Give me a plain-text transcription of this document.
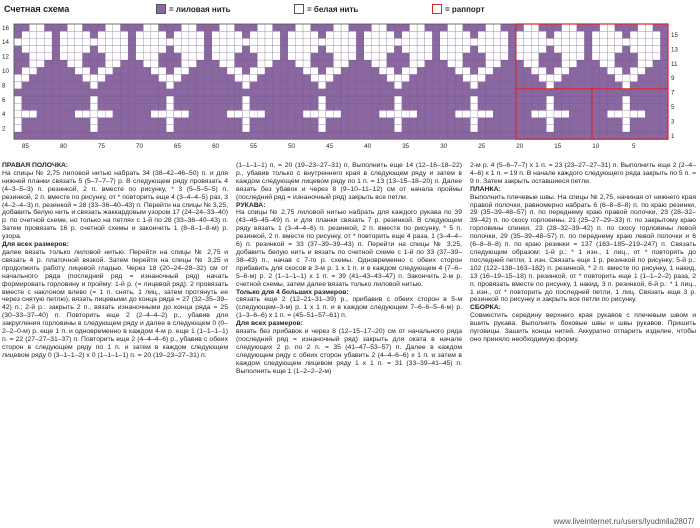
Счетная схема	= лиловая нить	= белая нить	= раппорт
16
14
12
10
8
6
4
2
15
13
11
9
7
5
3
1
85	80	75	70	65	60	55	50	45	40	35	30	25	20	15	10	5
ПРАВАЯ ПОЛОЧКА:
На спицы № 2,75 лиловой нитью набрать 34 (38–42–46–50) п. и для нижней планки связать 5 (5–7–7–7) р. В следующем ряду провязать 4 (4–3–5–3) п. резинкой, 2 п. вместе по рисунку, * 3 (5–5–5–5) п. резинкой, 2 п. вместе по рисунку, от * повторить еще 4 (3–4–4–5) раз, 3 (4–2–4–3) п. резинкой = 28 (33–36–40–43) п. Перейти на спицы № 3,25, добавить белую нить и связать жаккардовым узором 17 (24–24–33–40) р. по счетной схеме, но только на петлях с 1-й по 28 (33–36–40–43) п. Затем провязать 16 р. счетной схемы и закончить 1 (8–8–1–8-м) р. узора.
Для всех размеров:
далее вязать только лиловой нитью. Перейти на спицы № 2,75 и связать 4 р. платочной вязкой. Затем перейти на спицы № 3,25 и продолжить работу лицевой гладью. Через 18 (20–24–28–32) см от начального ряда (последний ряд = изнаночный ряд) начать формировать горловину и пройму: 1-й р. (= лицевой ряд): 2 провязать вместе с наклоном влево (= 1 п. снять, 1 лиц., затем протянуть ее через снятую петлю), вязать лицевыми до конца ряда = 27 (32–35–39–42) п.; 2-й р.: закрыть 2 п., вязать изнаночными до конца ряда = 25 (30–33–37–40) п. Повторить еще 2 (2–4–4–2) р., убавив для закругления горловины в следующем ряду и далее в следующем 0 (0–2–2–0-м) р. еще 1 п. и одновременно в каждом 4-м р. еще 1 (1–1–1–1) п. = 22 (27–27–31–37) п. Повторить еще 2 (4–4–4–6) р., убавив с обеих сторон в следующем ряду по 1 п. и затем в каждом следующем лицевом ряду 0 (3–1–1–2) х 0 (1–1–1–1) п. = 20 (19–23–27–31) п.
(1–1–1–1) п. = 20 (19–23–27–31) п. Выполнить еще 14 (12–16–18–22) р., убавив только с внутреннего края в следующем ряду и затем в каждом следующем лицевом ряду по 1 п. = 13 (13–15–18–20) п. Далее вязать без убавок и через 8 (9–10–11–12) см от начала проймы (последний ряд = изнаночный ряд) закрыть все петли.
РУКАВА:
На спицы № 2,75 лиловой нитью набрать для каждого рукава по 39 (43–45–45–49) п. и для планки связать 7 р. резинкой. В следующем ряду вязать 1 (3–4–4–6) п. резинкой, 2 п. вместе по рисунку, * 5 п. резинкой, 2 п. вместе по рисунку, от * повторить еще 4 раза, 1 (3–4–4–6) п. резинкой = 33 (37–39–39–43) п. Перейти на спицы № 3,25, добавить белую нить и вязать по счетной схеме с 1-й по 33 (37–39–38–43) п., начав с 7-го р. схемы. Одновременно с обеих сторон прибавить для скосов в 3-м р. 1 х 1 п. и в каждом следующем 4 (7–6–5–6-м) р. 2 (1–1–1–1) х 1 п. = 39 (41–43–43–47) п. Закончить 2-м р. счетной схемы, затем далее вязать только лиловой нитью.
Только для 4 больших размеров:
связать еще 2 (12–21–31–39) р., прибавив с обеих сторон в 5-м (следующем–3-м) р. 1 х 1 п. и в каждом следующем 7–6–6–5–6-м) р. (1–3–6–6) х 1 п. = (45–51–57–61) п.
Для всех размеров:
вязать без прибавок и через 8 (12–15–17–20) см от начального ряда (последний ряд = изнаночный ряд) закрыть для оката в начале следующих 2 р. по 2 п. = 35 (41–47–53–57) п. Далее в каждом следующем ряду с обеих сторон убавить 2 (4–4–6–6) х 1 п. и затем в каждом следующем лицевом ряду 1 х 1 п. = 31 (33–39–41–45) п. Выполнить еще 1 (1–2–2–2-м)
2-м р. 4 (5–6–7–7) х 1 п. = 23 (23–27–27–31) п. Выполнить еще 2 (2–4–4–6) х 1 п. = 19 п. В начале каждого следующего ряда закрыть по 5 п. = 9 п. Затем закрыть оставшиеся петли.
ПЛАНКА:
Выполнить плечевые швы. На спицы № 2,75, начиная от нижнего края правой полочки, равномерно набрать 6 (6–8–8–8) п. по краю резинки, 29 (35–39–48–57) п. по переднему краю правой полочки, 23 (28–32–39–42) п. по скосу горловины, 21 (25–27–29–33) п. по закрытому краю горловины спинки, 23 (28–32–39–42) п. по скосу горловины левой полочки, 29 (35–39–48–57) п. по переднему краю левой полочки и 6 (6–8–8–8) п. по краю резинки = 137 (163–185–219–247) п. Связать следующим образом: 1-й р.: * 1 изн., 1 лиц., от * повторить до последней петли, 1 изн. Связать еще 1 р. резинкой по рисунку; 5-й р.: 102 (122–138–163–182) п. резинкой, * 2 п. вместе по рисунку, 1 накид, 13 (16–19–15–18) п. резинкой, от * повторить еще 1 (1–1–2–2) раза, 2 п. провязать вместе по рисунку, 1 накид, 3 п. резинкой, 6-й р.: * 1 лиц., 1 изн., от * повторить до последней петли, 1 лиц. Связать еще 3 р. резинкой по рисунку и закрыть все петли по рисунку.
СБОРКА:
Совместить середину верхнего края рукавов с плечевым швом и вшить рукава. Выполнить боковые швы и швы рукавов. Пришить пуговицы. Зашить концы нитей. Аккуратно отпарить изделие, чтобы оно приняло необходимую форму.
www.liveinternet.ru/users/lyudmila2807/
